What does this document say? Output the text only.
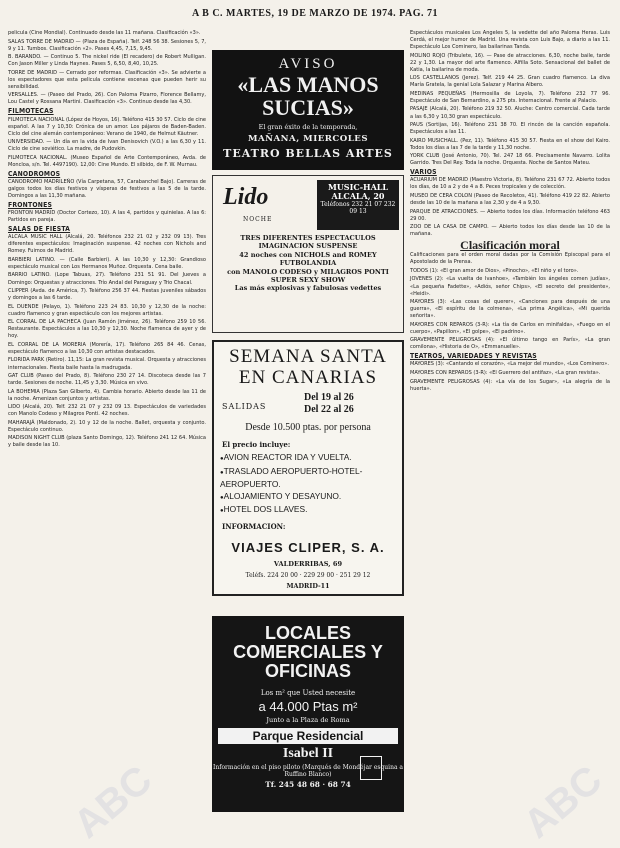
A B C. MARTES, 19 DE MARZO DE 1974. PAG. 71

pelicula (Cine Mondial). Continuado desde las 11 mañana. Clasificación «3».

SALAS TORRE DE MADRID — (Plaza de España). Telf. 248 56 38. Sesiones 5, 7, 9 y 11. Tumbos. Clasificación «2». Pases 4,45, 7,15, 9,45.

B. BARANDO. — Continuo 5. The nickel ride (El recadero) de Robert Mulligan. Con Jason Miller y Linda Haynes. Pases 5, 6,50, 8,40, 10,25.

TORRE DE MADRID — Cerrado por reformas. Clasificación «3». Se advierte a los espectadores que esta pelicula contiene escenas que pueden herir su sensibilidad.

VERSALLES. — (Paseo del Prado, 26). Con Paloma Pizarro, Florence Bellamy, Lou Castel y Rossana Martini. Clasificación «3». Continuo desde las 4,30.

FILMOTECAS

FILMOTECA NACIONAL (López de Hoyos, 16). Teléfono 415 30 57. Ciclo de cine español. A las 7 y 10,30: Crónica de un amor. Los pájaros de Baden-Baden. Ciclo del cine alemán contemporáneo: Verano de 1940, de Helmut Käutner.

UNIVERSIDAD. — Un día en la vida de Ivan Denisovich (V.O.) a las 6,30 y 11. Ciclo de cine soviético. La madre, de Pudovkin.

FILMOTECA NACIONAL. (Museo Español de Arte Contemporáneo, Avda. de Moncloa, s/n. Tel. 4497190). 12,00: Cine Mundo. El silbido, de F. W. Murnau.

CANODROMOS

CANODROMO MADRILEÑO (Vía Carpetana, 57, Carabanchel Bajo). Carreras de galgos todos los días festivos y vísperas de festivos a las 5 de la tarde. Domingos a las 11,30 mañana.

FRONTONES

FRONTON MADRID (Doctor Cortezo, 10). A las 4, partidos y quinielas. A las 6: Partidos en pareja.

SALAS DE FIESTA

ALCALA MUSIC HALL (Alcalá, 20. Teléfonos 232 21 02 y 232 09 13). Tres diferentes espectáculos: Imaginación suspense. 42 noches con Nichols and Romey. Fuimos de Madrid.

BARBIERI LATINO. — (Calle Barbieri). A las 10,30 y 12,30: Grandioso espectáculo musical con Los Hermanos Muñoz. Orquesta. Cena baile.

BARRIO LATINO. (Lope Tabuas, 27). Teléfono 231 51 91. Del Jueves a Domingo: Orquestas y atracciones. Trío Andal del Paraguay y Trio Chacal.

CLIPPER (Avda. de América, 7). Teléfono 256 37 44. Fiestas juveniles sábados y domingos a las 6 tarde.

EL DUENDE (Pelayo, 1). Teléfono 223 24 83. 10,30 y 12,30 de la noche: cuadro flamenco y gran espectáculo con los mejores artistas.

EL CORRAL DE LA PACHECA (Juan Ramón Jiménez, 26). Teléfono 259 10 56. Restaurante. Espectáculos a las 10,30 y 12,30. Noche flamenca de ayer y de hoy.

EL CORRAL DE LA MORERIA (Morería, 17). Teléfono 265 84 46. Cenas, espectáculo flamenco a las 10,30 con artistas destacados.

FLORIDA PARK (Retiro). 11,15: La gran revista musical. Orquesta y atracciones internacionales. Fiesta baile hasta la madrugada.

GAT CLUB (Paseo del Prado, 8). Teléfono 230 27 14. Discoteca desde las 7 tarde. Sesiones de noche. 11,45 y 3,30. Música en vivo.

LA BOHEMIA (Plaza San Gilberto, 4). Cambia horario. Abierto desde las 11 de la noche. Amenizan conjuntos y artistas.

LIDO (Alcalá, 20). Telf. 232 21 07 y 232 09 13. Espectáculos de variedades con Manolo Codeso y Milagros Ponti. 42 noches.

MAHARAJÁ (Maldonado, 2). 10 y 12 de la noche. Ballet, orquesta y conjunto. Espectáculo continuo.

MADISON NIGHT CLUB (plaza Santo Domingo, 12). Teléfono 241 12 64. Música y baile desde las 10.

AVISO
«LAS MANOS SUCIAS»
El gran éxito de la temporada,
MAÑANA, MIERCOLES
TEATRO BELLAS ARTES
Lido
NOCHE
MUSIC-HALL
ALCALA, 20
Teléfonos 232 21 07 232 09 13
TRES DIFERENTES ESPECTACULOS
IMAGINACION SUSPENSE
42 noches con NICHOLS and ROMEY
FUTBOLANDIA
con MANOLO CODESO y MILAGROS PONTI
SUPER SEXY SHOW
Las más explosivas y fabulosas vedettes
SEMANA SANTA EN CANARIAS
SALIDAS
Del 19 al 26
Del 22 al 26
Desde 10.500 ptas. por persona
El precio incluye:
● AVION REACTOR IDA Y VUELTA.
● TRASLADO AEROPUERTO-HOTEL-AEROPUERTO.
● ALOJAMIENTO Y DESAYUNO.
● HOTEL DOS LLAVES.
INFORMACION:
VIAJES CLIPER, S. A.
VALDERRIBAS, 69
Teléfs. 224 20 00 · 229 29 00 · 251 29 12
MADRID-11
LOCALES COMERCIALES Y OFICINAS
Los m² que Usted necesite
a 44.000 Ptas m²
Junto a la Plaza de Roma
Parque Residencial
Isabel II
Información en el piso piloto (Marqués de Mondéjar esquina a Ruffino Blanco)
Tf. 245 48 68 · 68 74

Espectáculos musicales Los Angeles 5, la vedette del año Paloma Heras. Luis Cerdá, el mejor humor de Madrid. Una revista con Luis Bajo, a diario a las 11. Espectáculo Los Cominero, las bailarinas Tanda.

MOLINO ROJO (Tribulete, 16). — Pase de atracciones. 6,30, noche baile, tarde 22 y 1,30. La mayor del arte flamenco. Alfilla Soto. Sensacional del ballet de Katia, la bailarina de moda.

LOS CASTELLANOS (Jerez). Telf. 219 44 25. Gran cuadro flamenco. La diva María Gratela, la genial Lola Salazar y Marina Albero.

MEDINAS PEQUEÑAS (Hermosilla de Loyola, 7). Teléfono 232 77 96. Espectáculo de San Bernardino, a 275 pts. Internacional. Frente al Palacio.

PASAJE (Alcalá, 20). Teléfono 219 32 50. Aluche: Centro comercial. Cada tarde a las 6,30 y 10,30 gran espectáculo.

PAUS (Sortijas, 16). Teléfono 231 38 70. El rincón de la canción española. Espectáculos a las 11.

KAIRO MUSICHALL. (Pez, 11). Teléfono 415 30 57. Fiesta en el show del Kairo. Todos los días a las 7 de la tarde y 11,30 noche.

YORK CLUB (José Antonio, 70). Tel. 247 18 66. Precisamente Navarro. Lolita Garrido. Tres Del Rey. Toda la noche. Orquesta. Noche de Santos Mateu.

VARIOS

ACUARIUM DE MADRID (Maestro Victoria, 8). Teléfono 231 67 72. Abierto todos los días, de 10 a 2 y de 4 a 8. Peces tropicales y de colección.

MUSEO DE CERA COLON (Paseo de Recoletos, 41). Teléfono 419 22 82. Abierto desde las 10 de la mañana a las 2,30 y de 4 a 9,30.

PARQUE DE ATRACCIONES. — Abierto todos los días. Información teléfono 463 29 00.

ZOO DE LA CASA DE CAMPO. — Abierto todos los días desde las 10 de la mañana.

Clasificación moral

Calificaciones para el orden moral dadas por la Comisión Episcopal para el Apostolado de la Prensa.

TODOS (1): «El gran amor de Dios», «Pinocho», «El niño y el toro».

JOVENES (2): «La vuelta de Ivanhoe», «También los ángeles comen judías», «La pequeña Fadette», «Adiós, señor Chips», «El secreto del presidente», «Heidi».

MAYORES (3): «Las cosas del querer», «Canciones para después de una guerra», «El espíritu de la colmena», «La prima Angélica», «Mi querida señorita».

MAYORES CON REPAROS (3-R): «La tía de Carlos en minifalda», «Fuego en el cuerpo», «Papillon», «El golpe», «El padrino».

GRAVEMENTE PELIGROSAS (4): «El último tango en París», «La gran comilona», «Historia de O», «Emmanuelle».

TEATROS, VARIEDADES Y REVISTAS

MAYORES (3): «Cantando el corazón», «La mejor del mundo», «Los Cominero».

MAYORES CON REPAROS (3-R): «El Guerrero del antifaz», «La gran revista».

GRAVEMENTE PELIGROSAS (4): «La vía de los Sugar», «La alegría de la huerta».

ABC	ABC
